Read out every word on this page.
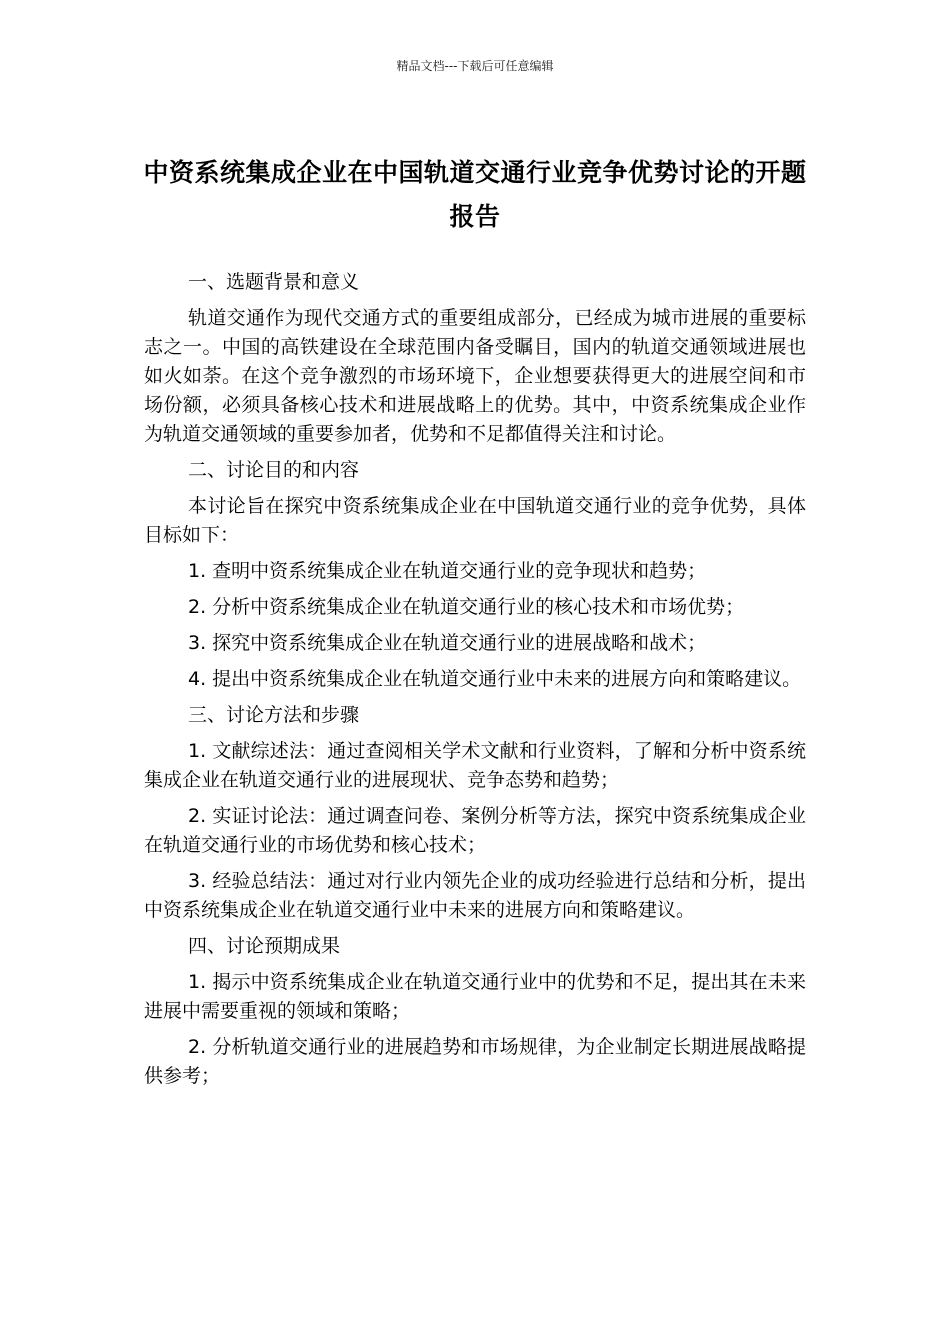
精品文档---下载后可任意编辑
中资系统集成企业在中国轨道交通行业竞争优势讨论的开题报告

一、选题背景和意义

轨道交通作为现代交通方式的重要组成部分，已经成为城市进展的重要标志之一。中国的高铁建设在全球范围内备受瞩目，国内的轨道交通领域进展也如火如荼。在这个竞争激烈的市场环境下，企业想要获得更大的进展空间和市场份额，必须具备核心技术和进展战略上的优势。其中，中资系统集成企业作为轨道交通领域的重要参加者，优势和不足都值得关注和讨论。

二、讨论目的和内容

本讨论旨在探究中资系统集成企业在中国轨道交通行业的竞争优势，具体目标如下：

1. 查明中资系统集成企业在轨道交通行业的竞争现状和趋势；

2. 分析中资系统集成企业在轨道交通行业的核心技术和市场优势；

3. 探究中资系统集成企业在轨道交通行业的进展战略和战术；

4. 提出中资系统集成企业在轨道交通行业中未来的进展方向和策略建议。

三、讨论方法和步骤

1. 文献综述法：通过查阅相关学术文献和行业资料，了解和分析中资系统集成企业在轨道交通行业的进展现状、竞争态势和趋势；

2. 实证讨论法：通过调查问卷、案例分析等方法，探究中资系统集成企业在轨道交通行业的市场优势和核心技术；

3. 经验总结法：通过对行业内领先企业的成功经验进行总结和分析，提出中资系统集成企业在轨道交通行业中未来的进展方向和策略建议。

四、讨论预期成果

1. 揭示中资系统集成企业在轨道交通行业中的优势和不足，提出其在未来进展中需要重视的领域和策略；

2. 分析轨道交通行业的进展趋势和市场规律，为企业制定长期进展战略提供参考；
